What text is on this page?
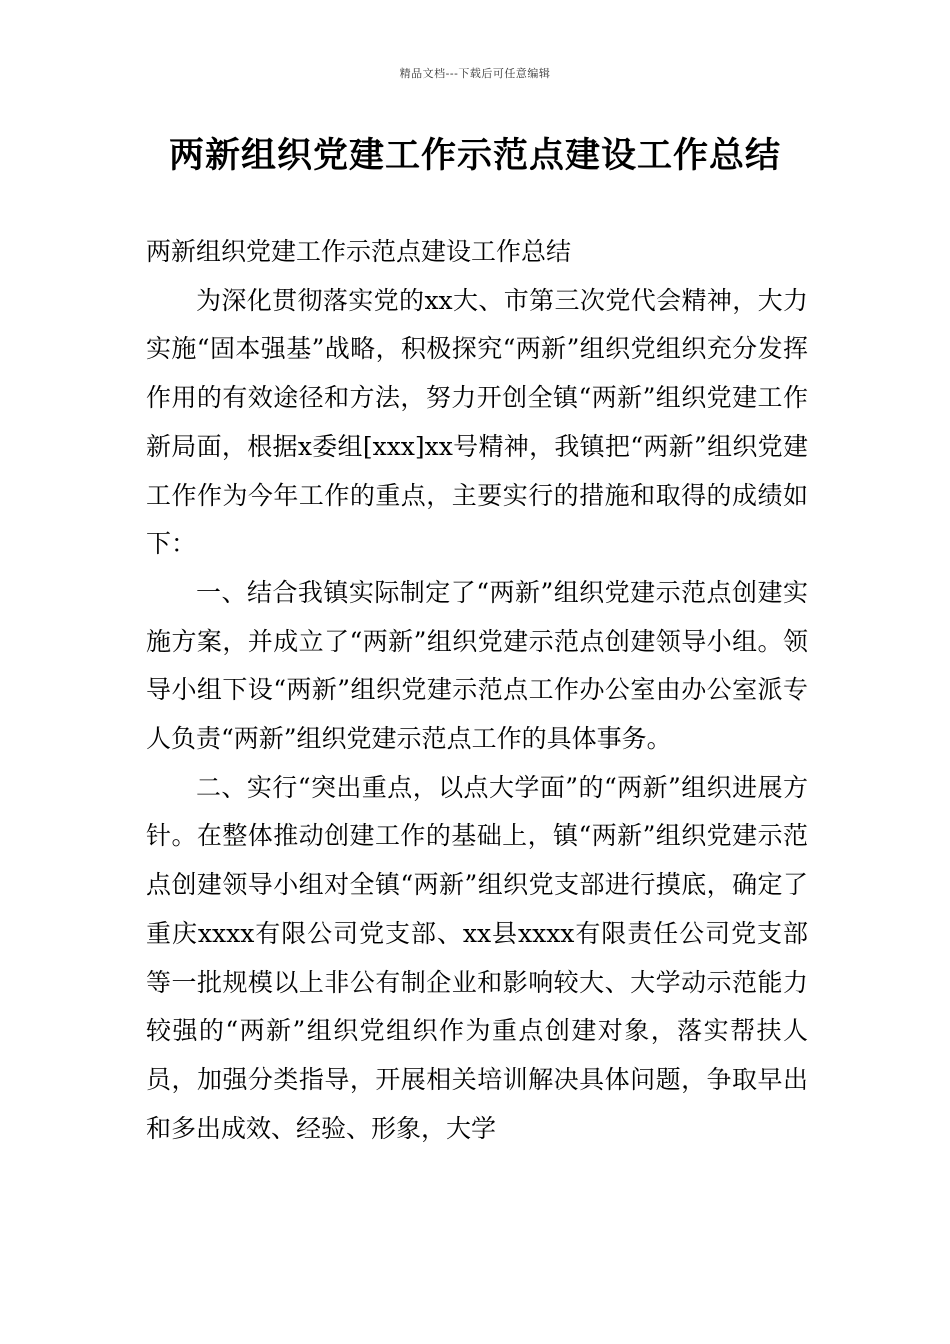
精品文档---下载后可任意编辑
两新组织党建工作示范点建设工作总结

两新组织党建工作示范点建设工作总结

为深化贯彻落实党的xx大、市第三次党代会精神，大力实施“固本强基”战略，积极探究“两新”组织党组织充分发挥作用的有效途径和方法，努力开创全镇“两新”组织党建工作新局面，根据x委组[xxx]xx号精神，我镇把“两新”组织党建工作作为今年工作的重点，主要实行的措施和取得的成绩如下：

一、结合我镇实际制定了“两新”组织党建示范点创建实施方案，并成立了“两新”组织党建示范点创建领导小组。领导小组下设“两新”组织党建示范点工作办公室由办公室派专人负责“两新”组织党建示范点工作的具体事务。

二、实行“突出重点，以点大学面”的“两新”组织进展方针。在整体推动创建工作的基础上，镇“两新”组织党建示范点创建领导小组对全镇“两新”组织党支部进行摸底，确定了重庆xxxx有限公司党支部、xx县xxxx有限责任公司党支部等一批规模以上非公有制企业和影响较大、大学动示范能力较强的“两新”组织党组织作为重点创建对象，落实帮扶人员，加强分类指导，开展相关培训解决具体问题，争取早出和多出成效、经验、形象，大学
